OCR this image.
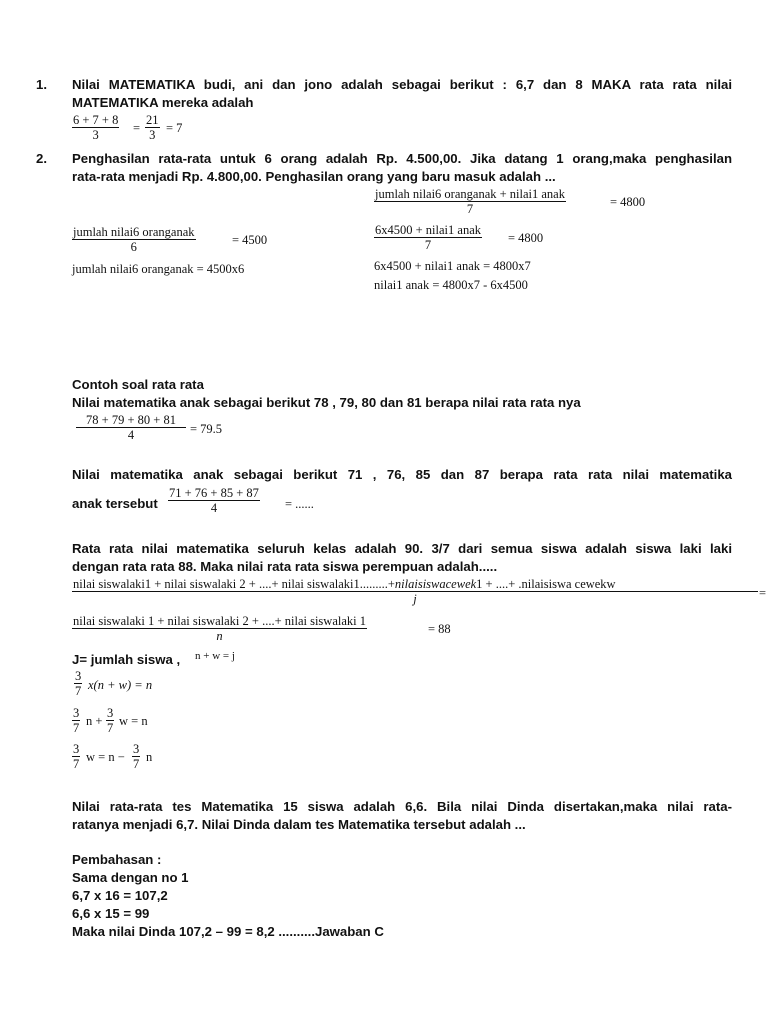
1. Nilai MATEMATIKA budi, ani dan jono adalah sebagai berikut : 6,7 dan 8 MAKA rata rata nilai
MATEMATIKA mereka adalah
6 + 7 + 8
3	=
21
3 = 7
2. Penghasilan rata-rata untuk 6 orang adalah Rp. 4.500,00. Jika datang 1 orang,maka penghasilan
rata-rata menjadi Rp. 4.800,00. Penghasilan orang yang baru masuk adalah ...
jumlah nilai6 oranganak + nilai1 anak
7	= 4800
jumlah nilai6 oranganak
6	= 4500
6x4500 + nilai1 anak
7	= 4800
jumlah nilai6 oranganak = 4500x6	6x4500 + nilai1 anak = 4800x7
nilai1 anak = 4800x7 - 6x4500
Contoh soal rata rata
Nilai matematika anak sebagai berikut 78 , 79, 80 dan 81 berapa nilai rata rata nya
78 + 79 + 80 + 81
4	= 79.5
Nilai matematika anak sebagai berikut 71 , 76, 85 dan 87 berapa rata rata nilai matematika
anak tersebut
71 + 76 + 85 + 87
4	= ......
Rata rata nilai matematika seluruh kelas adalah 90. 3/7 dari semua siswa adalah siswa laki laki
dengan rata rata 88. Maka nilai rata rata siswa perempuan adalah.....
nilai siswalaki1 + nilai siswalaki 2 + ....+ nilai siswalaki1.........+nilaisiswacewek1 + ....+ .nilaisiswa cewekw
j	=
nilai siswalaki 1 + nilai siswalaki 2 + ....+ nilai siswalaki 1
n	= 88
J= jumlah siswa , n + w = j
3
7 x(n + w) = n
3
7 n +
3
7 w = n
3
7 w = n −
3
7 n
Nilai rata-rata tes Matematika 15 siswa adalah 6,6. Bila nilai Dinda disertakan,maka nilai rata-
ratanya menjadi 6,7. Nilai Dinda dalam tes Matematika tersebut adalah ...
Pembahasan :
Sama dengan no 1
6,7 x 16 = 107,2
6,6 x 15 = 99
Maka nilai Dinda 107,2 – 99 = 8,2 ..........Jawaban C
